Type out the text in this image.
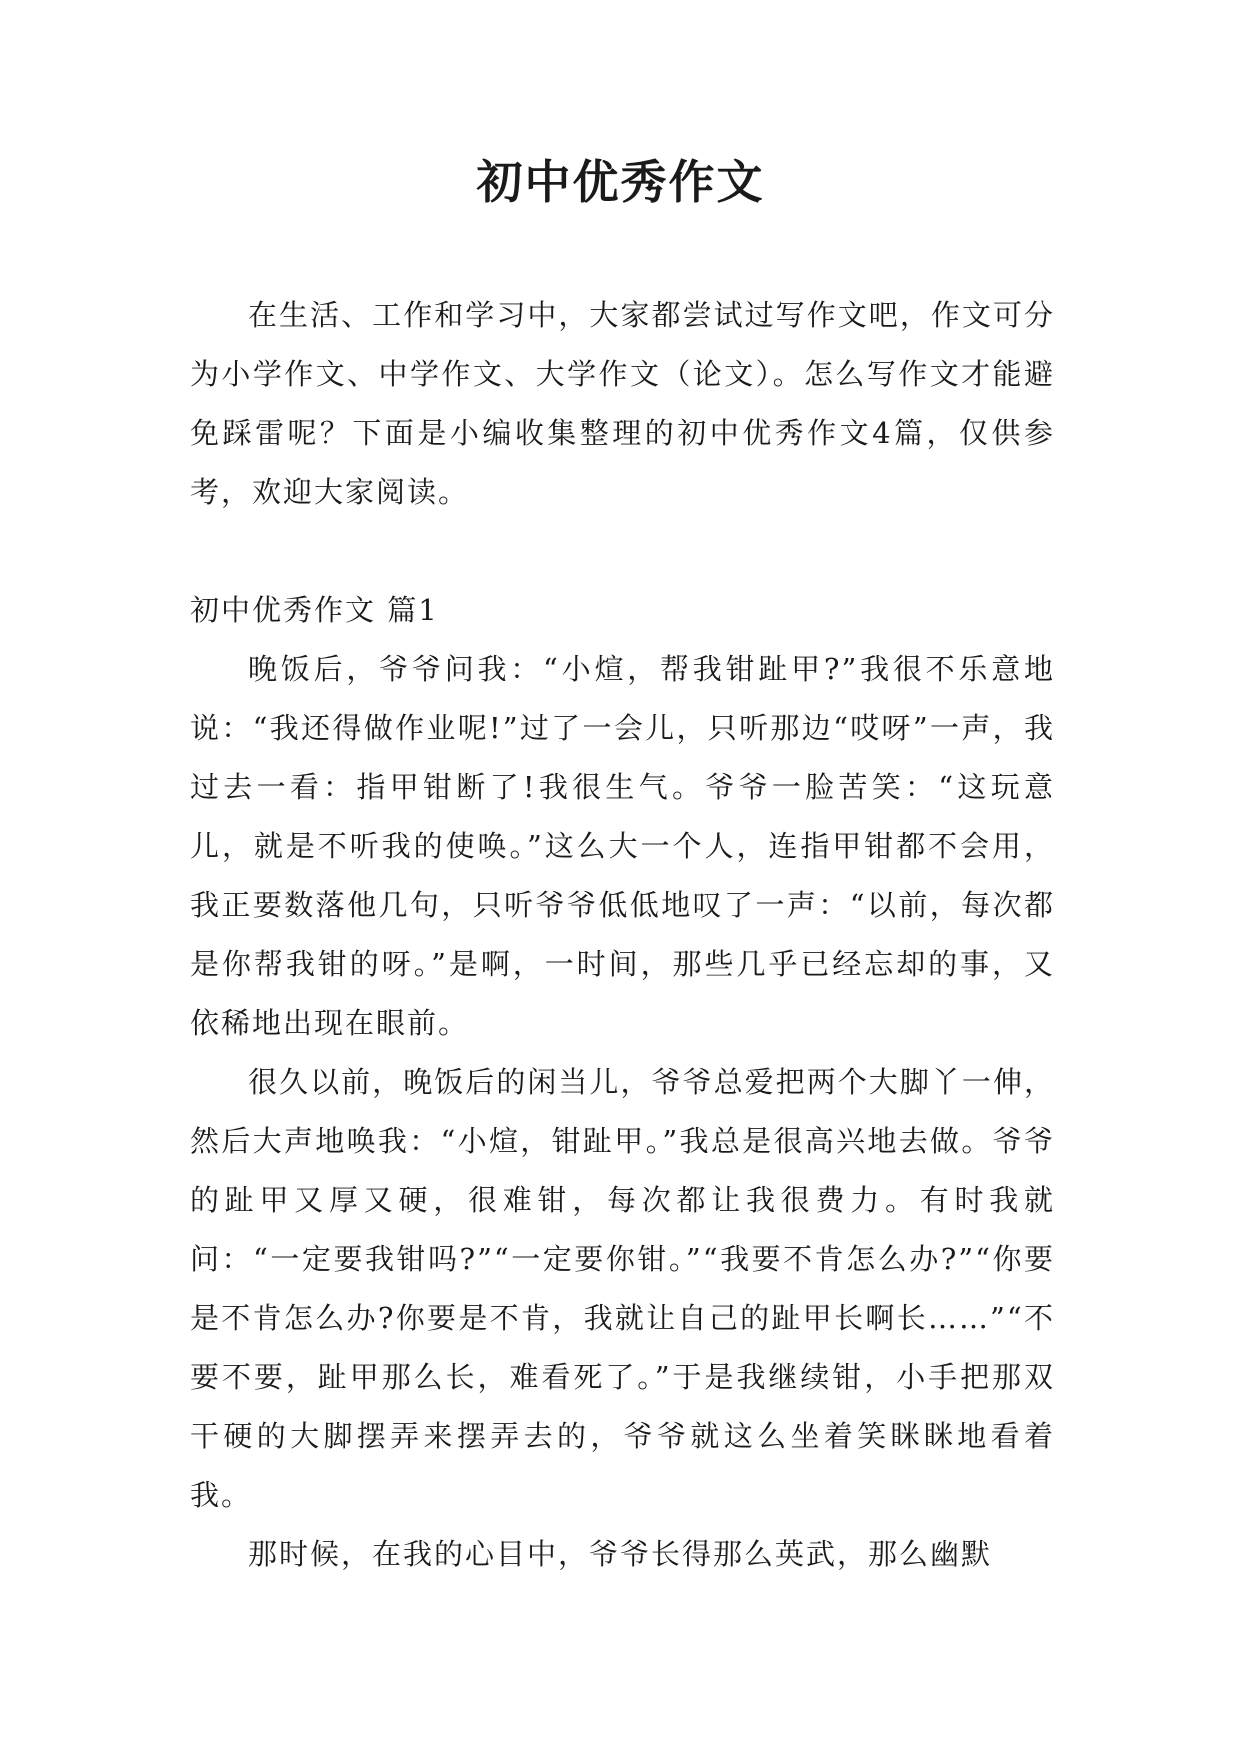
初中优秀作文

在生活、工作和学习中，大家都尝试过写作文吧，作文可分为小学作文、中学作文、大学作文（论文）。怎么写作文才能避免踩雷呢？下面是小编收集整理的初中优秀作文4篇，仅供参考，欢迎大家阅读。

初中优秀作文 篇1

晚饭后，爷爷问我：“小煊，帮我钳趾甲?”我很不乐意地说：“我还得做作业呢!”过了一会儿，只听那边“哎呀”一声，我过去一看：指甲钳断了!我很生气。爷爷一脸苦笑：“这玩意儿，就是不听我的使唤。”这么大一个人，连指甲钳都不会用，我正要数落他几句，只听爷爷低低地叹了一声：“以前，每次都是你帮我钳的呀。”是啊，一时间，那些几乎已经忘却的事，又依稀地出现在眼前。

很久以前，晚饭后的闲当儿，爷爷总爱把两个大脚丫一伸，然后大声地唤我：“小煊，钳趾甲。”我总是很高兴地去做。爷爷的趾甲又厚又硬，很难钳，每次都让我很费力。有时我就问：“一定要我钳吗?”“一定要你钳。”“我要不肯怎么办?”“你要是不肯怎么办?你要是不肯，我就让自己的趾甲长啊长……”“不要不要，趾甲那么长，难看死了。”于是我继续钳，小手把那双干硬的大脚摆弄来摆弄去的，爷爷就这么坐着笑眯眯地看着我。

那时候，在我的心目中，爷爷长得那么英武，那么幽默
